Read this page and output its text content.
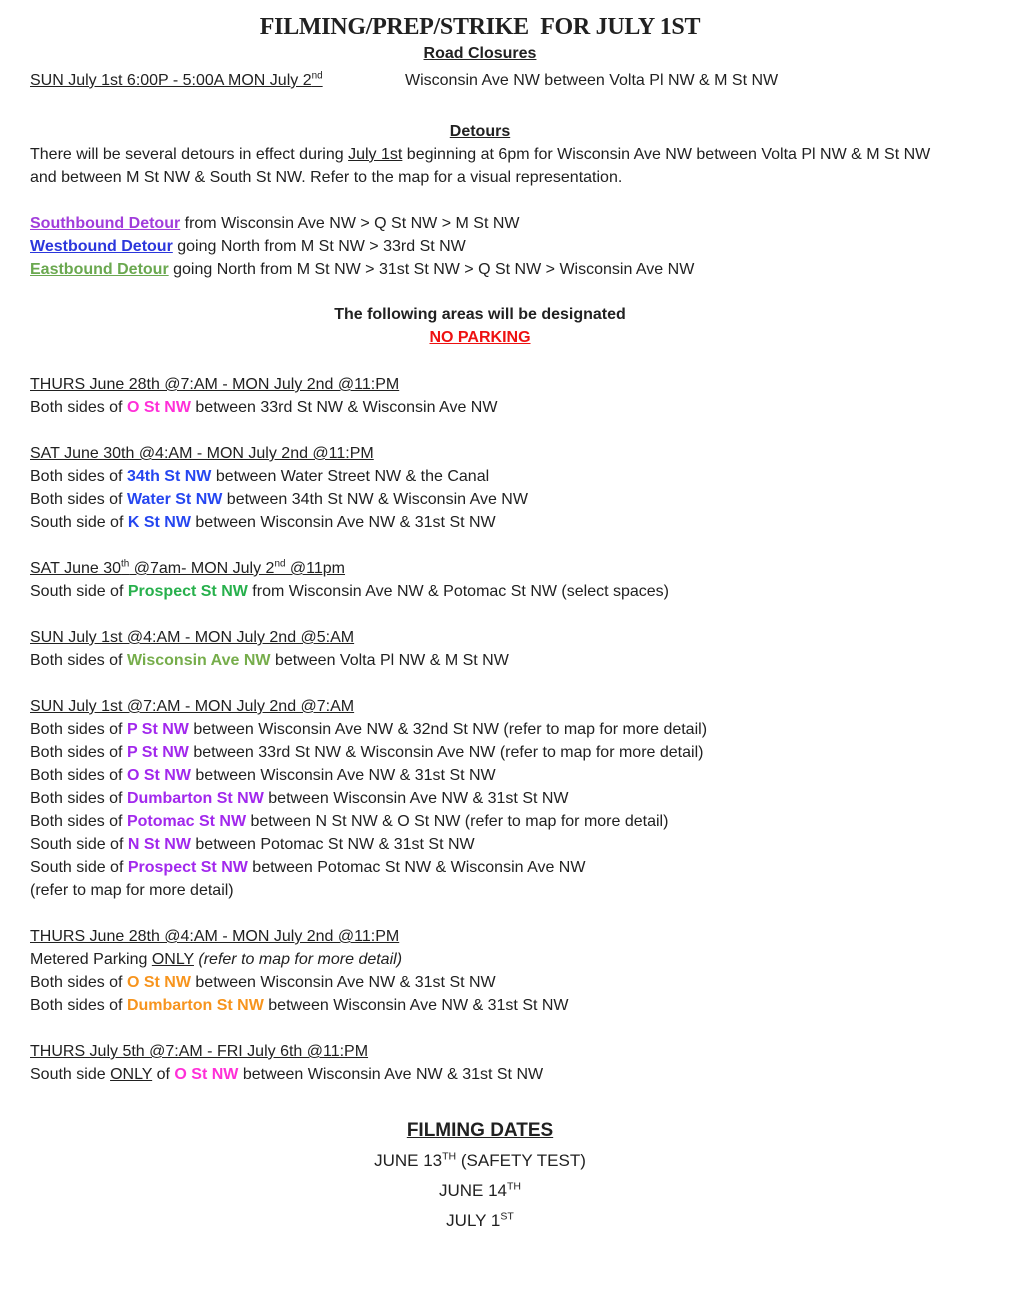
FILMING/PREP/STRIKE  FOR JULY 1ST
Road Closures
SUN July 1st 6:00P - 5:00A MON July 2nd	Wisconsin Ave NW between Volta Pl NW & M St NW
Detours
There will be several detours in effect during July 1st beginning at 6pm for Wisconsin Ave NW between Volta Pl NW & M St NW and between M St NW & South St NW. Refer to the map for a visual representation.
Southbound Detour from Wisconsin Ave NW > Q St NW > M St NW
Westbound Detour going North from M St NW > 33rd St NW
Eastbound Detour going North from M St NW > 31st St NW > Q St NW > Wisconsin Ave NW
The following areas will be designated
NO PARKING
THURS June 28th @7:AM - MON July 2nd @11:PM
Both sides of O St NW between 33rd St NW & Wisconsin Ave NW
SAT June 30th @4:AM - MON July 2nd @11:PM
Both sides of 34th St NW between Water Street NW & the Canal
Both sides of Water St NW between 34th St NW & Wisconsin Ave NW
South side of K St NW between Wisconsin Ave NW & 31st St NW
SAT June 30th @7am- MON July 2nd @11pm
South side of Prospect St NW from Wisconsin Ave NW & Potomac St NW (select spaces)
SUN July 1st @4:AM - MON July 2nd @5:AM
Both sides of Wisconsin Ave NW between Volta Pl NW & M St NW
SUN July 1st @7:AM - MON July 2nd @7:AM
Both sides of P St NW between Wisconsin Ave NW & 32nd St NW (refer to map for more detail)
Both sides of P St NW between 33rd St NW & Wisconsin Ave NW (refer to map for more detail)
Both sides of O St NW between Wisconsin Ave NW & 31st St NW
Both sides of Dumbarton St NW between Wisconsin Ave NW & 31st St NW
Both sides of Potomac St NW between N St NW & O St NW (refer to map for more detail)
South side of N St NW between Potomac St NW & 31st St NW
South side of Prospect St NW between Potomac St NW & Wisconsin Ave NW
(refer to map for more detail)
THURS June 28th @4:AM - MON July 2nd @11:PM
Metered Parking ONLY (refer to map for more detail)
Both sides of O St NW between Wisconsin Ave NW & 31st St NW
Both sides of Dumbarton St NW between Wisconsin Ave NW & 31st St NW
THURS July 5th @7:AM - FRI July 6th @11:PM
South side ONLY of O St NW between Wisconsin Ave NW & 31st St NW
FILMING DATES
JUNE 13TH (SAFETY TEST)
JUNE 14TH
JULY 1ST
